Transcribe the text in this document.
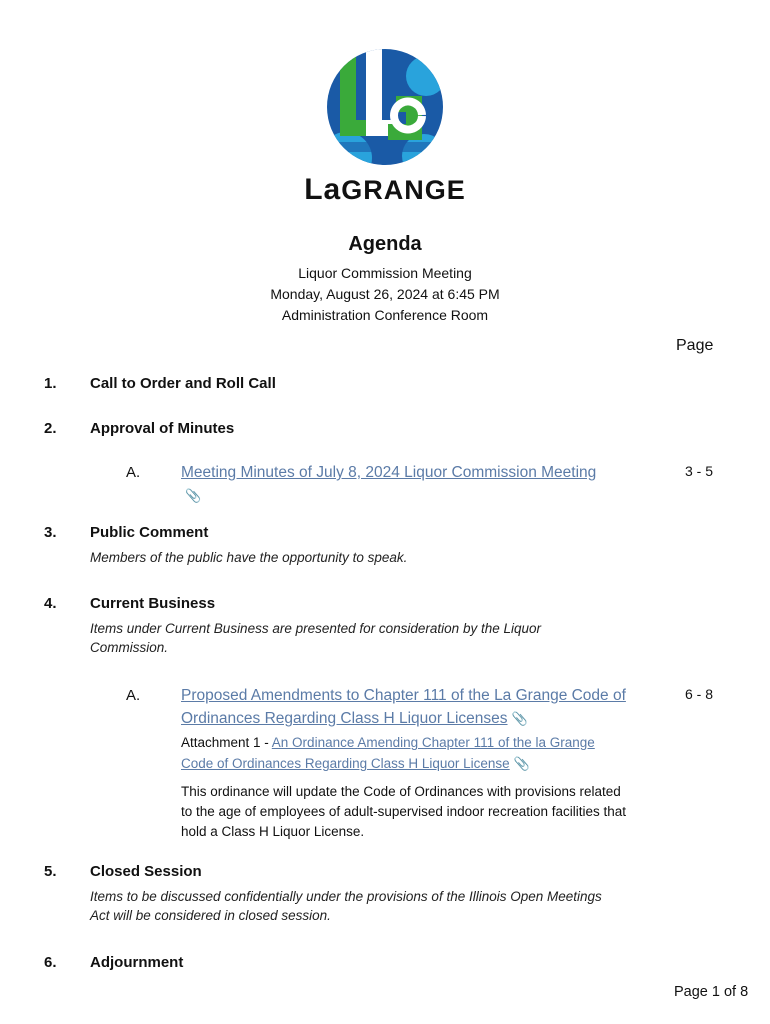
LaGRANGE
Agenda
Liquor Commission Meeting
Monday, August 26, 2024 at 6:45 PM
Administration Conference Room
Page
1. Call to Order and Roll Call
2. Approval of Minutes
A.	Meeting Minutes of July 8, 2024 Liquor Commission Meeting
📎
3 - 5
3. Public Comment
Members of the public have the opportunity to speak.
4. Current Business
Items under Current Business are presented for consideration by the Liquor Commission.
A.	Proposed Amendments to Chapter 111 of the La Grange Code of Ordinances Regarding Class H Liquor Licenses 📎
6 - 8
Attachment 1 - An Ordinance Amending Chapter 111 of the la Grange Code of Ordinances Regarding Class H Liquor License 📎
This ordinance will update the Code of Ordinances with provisions related to the age of employees of adult-supervised indoor recreation facilities that hold a Class H Liquor License.
5. Closed Session
Items to be discussed confidentially under the provisions of the Illinois Open Meetings Act will be considered in closed session.
6. Adjournment
Page 1 of 8
